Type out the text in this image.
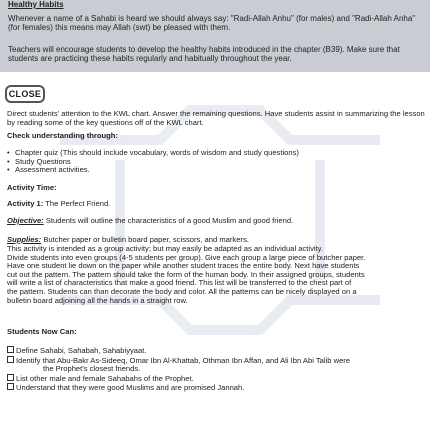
Healthy Habits

Whenever a name of a Sahabi is heard we should always say: "Radi-Allah Anhu" (for males) and "Radi-Allah Anha" (for females) this means may Allah (swt) be pleased with them.

Teachers will encourage students to develop the healthy habits introduced in the chapter (B39). Make sure that students are practicing these habits regularly and habitually throughout the year.

CLOSE

Direct students' attention to the KWL chart. Answer the remaining questions. Have students assist in summarizing the lesson by reading some of the key questions off of the KWL chart.

Check understanding through:

• Chapter quiz (This should include vocabulary, words of wisdom and study questions)
• Study Questions
• Assessment activities.

Activity Time:

Activity 1: The Perfect Friend.

Objective: Students will outline the characteristics of a good Muslim and good friend.

Supplies: Butcher paper or bulletin board paper, scissors, and markers.

This activity is intended as a group activity; but may easily be adapted as an individual activity.
Divide students into even groups (4-5 students per group). Give each group a large piece of butcher paper.
Have one student lie down on the paper while another student traces the entire body. Next have students
cut out the pattern. The pattern should take the form of the human body. In their assigned groups, students
will write a list of characteristics that make a good friend. This list will be transferred to the chest part of
the pattern. Students can than decorate the body and color. All the patterns can be nicely displayed on a
bulletin board adjoining all the hands in a straight row.

Students Now Can:

Define Sahabi, Sahabah, Sahabiyyaat.
Identify that Abu-Bakr As-Sideeq, Omar Ibn Al-Khattab, Othman Ibn Affan, and Ali Ibn Abi Talib were
the Prophet's closest friends.
List other male and female Sahabahs of the Prophet.
Understand that they were good Muslims and are promised Jannah.
